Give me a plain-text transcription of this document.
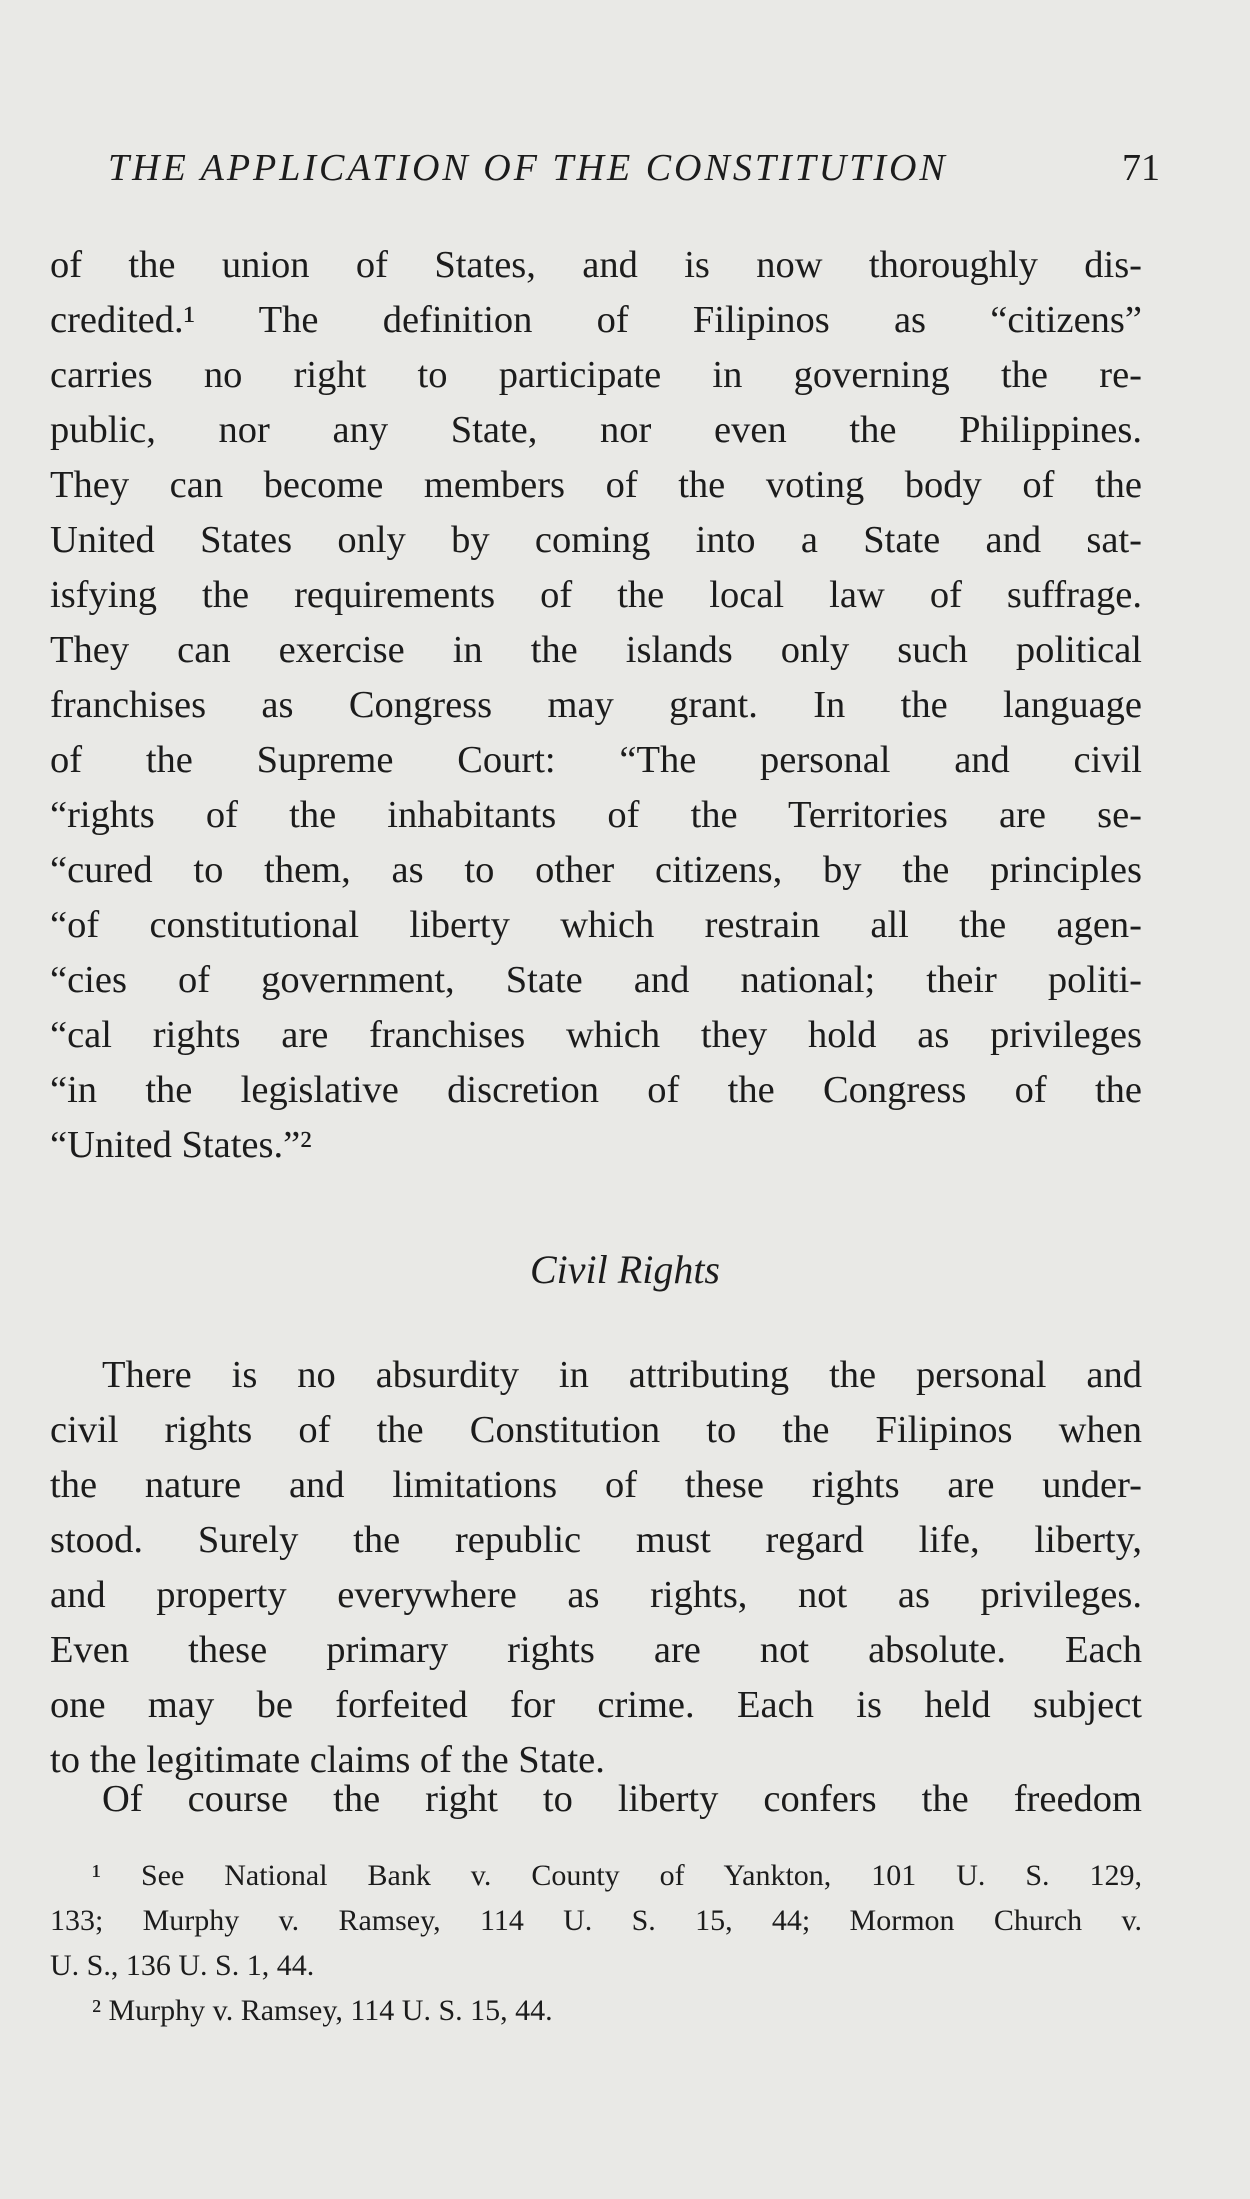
THE APPLICATION OF THE CONSTITUTION	71
of the union of States, and is now thoroughly dis-
credited.¹ The definition of Filipinos as “citizens”
carries no right to participate in governing the re-
public, nor any State, nor even the Philippines.
They can become members of the voting body of the
United States only by coming into a State and sat-
isfying the requirements of the local law of suffrage.
They can exercise in the islands only such political
franchises as Congress may grant. In the language
of the Supreme Court: “The personal and civil
“rights of the inhabitants of the Territories are se-
“cured to them, as to other citizens, by the principles
“of constitutional liberty which restrain all the agen-
“cies of government, State and national; their politi-
“cal rights are franchises which they hold as privileges
“in the legislative discretion of the Congress of the
“United States.”²
Civil Rights
There is no absurdity in attributing the personal and
civil rights of the Constitution to the Filipinos when
the nature and limitations of these rights are under-
stood. Surely the republic must regard life, liberty,
and property everywhere as rights, not as privileges.
Even these primary rights are not absolute. Each
one may be forfeited for crime. Each is held subject
to the legitimate claims of the State.
Of course the right to liberty confers the freedom
¹ See National Bank v. County of Yankton, 101 U. S. 129,
133; Murphy v. Ramsey, 114 U. S. 15, 44; Mormon Church v.
U. S., 136 U. S. 1, 44.
² Murphy v. Ramsey, 114 U. S. 15, 44.
